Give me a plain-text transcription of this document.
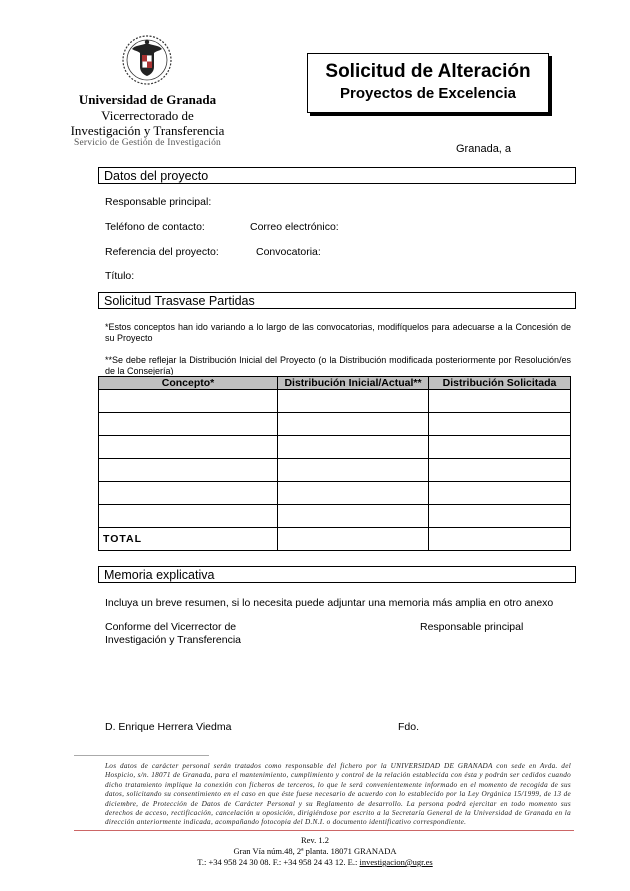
Universidad de Granada
Vicerrectorado de
Investigación y Transferencia
Servicio de Gestión de Investigación
Solicitud de Alteración
Proyectos de Excelencia
Granada, a
Datos del proyecto
Responsable principal:
Teléfono de contacto:	Correo electrónico:
Referencia del proyecto:	Convocatoria:
Título:
Solicitud Trasvase Partidas
*Estos conceptos han ido variando a lo largo de las convocatorias, modifíquelos para adecuarse a la Concesión de su Proyecto
**Se debe reflejar la Distribución Inicial del Proyecto (o la Distribución modificada posteriormente por Resolución/es de la Consejería)
Concepto*	Distribución Inicial/Actual**	Distribución Solicitada

TOTAL		
Memoria explicativa
Incluya un breve resumen, si lo necesita puede adjuntar una memoria más amplia en otro anexo
Conforme del Vicerrector de
Investigación y Transferencia
Responsable principal
D. Enrique Herrera Viedma	Fdo.
Los datos de carácter personal serán tratados como responsable del fichero por la UNIVERSIDAD DE GRANADA con sede en Avda. del Hospicio, s/n. 18071 de Granada, para el mantenimiento, cumplimiento y control de la relación establecida con ésta y podrán ser cedidos cuando dicho tratamiento implique la conexión con ficheros de terceros, lo que le será convenientemente informado en el momento de recogida de sus datos, solicitando su consentimiento en el caso en que éste fuese necesario de acuerdo con lo establecido por la Ley Orgánica 15/1999, de 13 de diciembre, de Protección de Datos de Carácter Personal y su Reglamento de desarrollo. La persona podrá ejercitar en todo momento sus derechos de acceso, rectificación, cancelación u oposición, dirigiéndose por escrito a la Secretaría General de la Universidad de Granada en la dirección anteriormente indicada, acompañando fotocopia del D.N.I. o documento identificativo correspondiente.
Rev. 1.2
Gran Vía núm.48, 2ª planta. 18071 GRANADA
T.: +34 958 24 30 08. F.: +34 958 24 43 12. E.: investigacion@ugr.es
